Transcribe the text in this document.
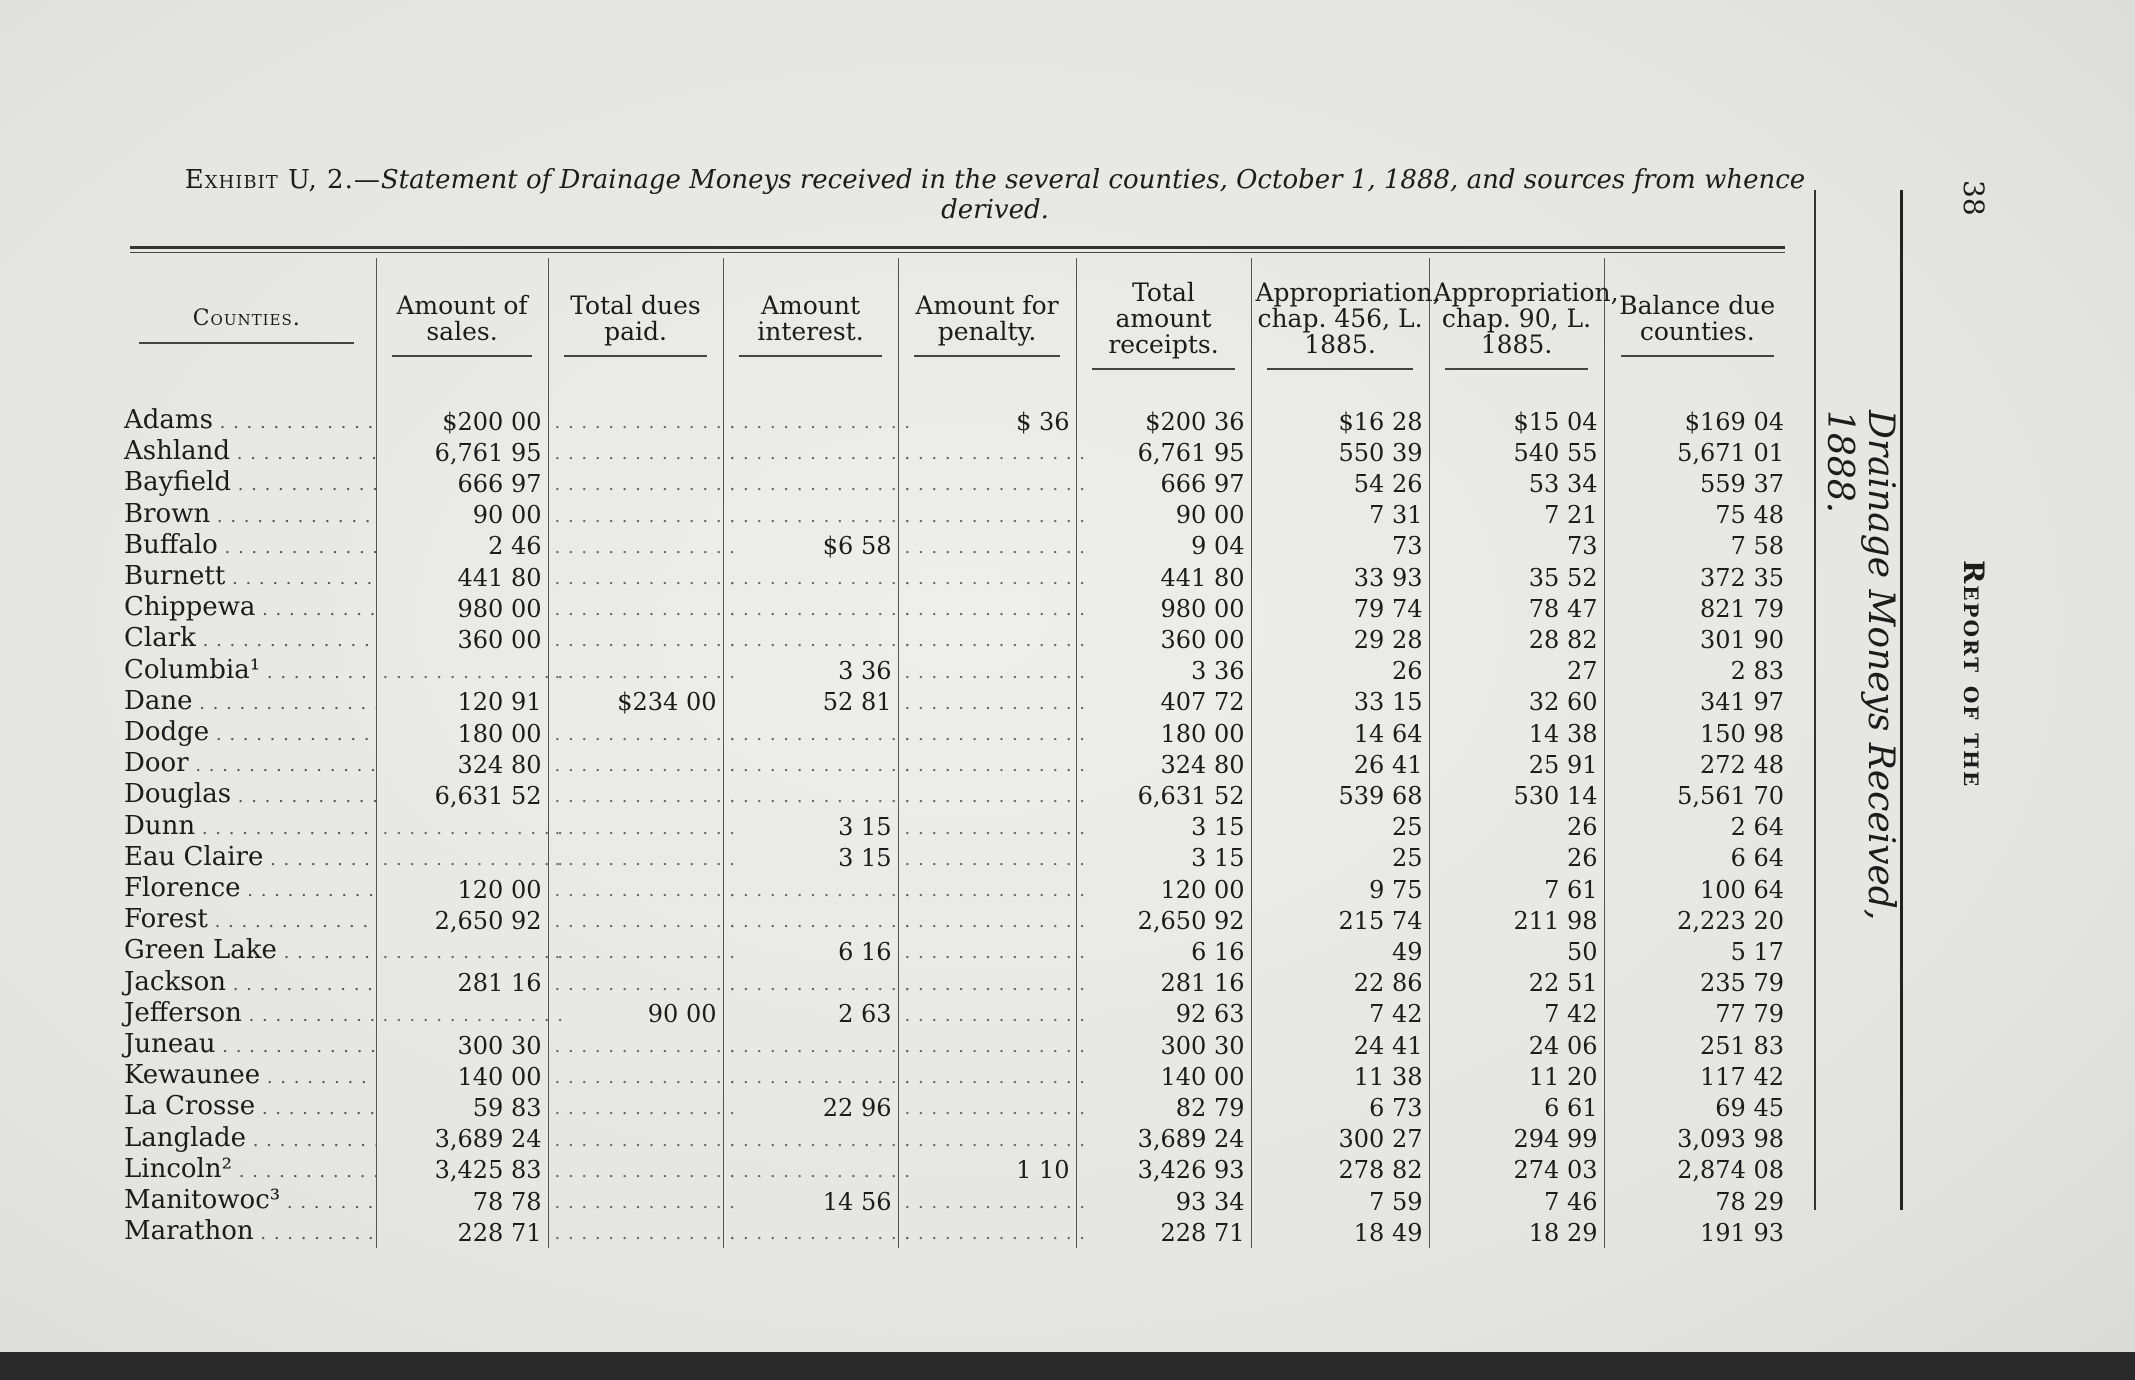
Exhibit U, 2.—Statement of Drainage Moneys received in the several counties, October 1, 1888, and sources from whence derived.
Counties.	Amount of sales.	Total dues paid.	Amount interest.	Amount for penalty.	Total amount receipts.	Appropriation, chap. 456, L. 1885.	Appropriation, chap. 90, L. 1885.	Balance due counties.

Adams . . .	$200 00	. . .	. . .	$ 36	$200 36	$16 28	$15 04	$169 04
Ashland . . .	6,761 95	. . .	. . .	. . .	6,761 95	550 39	540 55	5,671 01
Bayfield . . .	666 97	. . .	. . .	. . .	666 97	54 26	53 34	559 37
Brown . . .	90 00	. . .	. . .	. . .	90 00	7 31	7 21	75 48
Buffalo . . .	2 46	. . .	$6 58	. . .	9 04	73	73	7 58
Burnett . . .	441 80	. . .	. . .	. . .	441 80	33 93	35 52	372 35
Chippewa . . .	980 00	. . .	. . .	. . .	980 00	79 74	78 47	821 79
Clark . . .	360 00	. . .	. . .	. . .	360 00	29 28	28 82	301 90
Columbia¹ . . .	. . .	. . .	3 36	. . .	3 36	26	27	2 83
Dane . . .	120 91	$234 00	52 81	. . .	407 72	33 15	32 60	341 97
Dodge . . .	180 00	. . .	. . .	. . .	180 00	14 64	14 38	150 98
Door . . .	324 80	. . .	. . .	. . .	324 80	26 41	25 91	272 48
Douglas . . .	6,631 52	. . .	. . .	. . .	6,631 52	539 68	530 14	5,561 70
Dunn . . .	. . .	. . .	3 15	. . .	3 15	25	26	2 64
Eau Claire . . .	. . .	. . .	3 15	. . .	3 15	25	26	6 64
Florence . . .	120 00	. . .	. . .	. . .	120 00	9 75	7 61	100 64
Forest . . .	2,650 92	. . .	. . .	. . .	2,650 92	215 74	211 98	2,223 20
Green Lake . . .	. . .	. . .	6 16	. . .	6 16	49	50	5 17
Jackson . . .	281 16	. . .	. . .	. . .	281 16	22 86	22 51	235 79
Jefferson . . .	. . .	90 00	2 63	. . .	92 63	7 42	7 42	77 79
Juneau . . .	300 30	. . .	. . .	. . .	300 30	24 41	24 06	251 83
Kewaunee . . .	140 00	. . .	. . .	. . .	140 00	11 38	11 20	117 42
La Crosse . . .	59 83	. . .	22 96	. . .	82 79	6 73	6 61	69 45
Langlade . . .	3,689 24	. . .	. . .	. . .	3,689 24	300 27	294 99	3,093 98
Lincoln² . . .	3,425 83	. . .	. . .	1 10	3,426 93	278 82	274 03	2,874 08
Manitowoc³ . . .	78 78	. . .	14 56	. . .	93 34	7 59	7 46	78 29
Marathon . . .	228 71	. . .	. . .	. . .	228 71	18 49	18 29	191 93
Drainage Moneys Received, 1888.
Report of the
38
